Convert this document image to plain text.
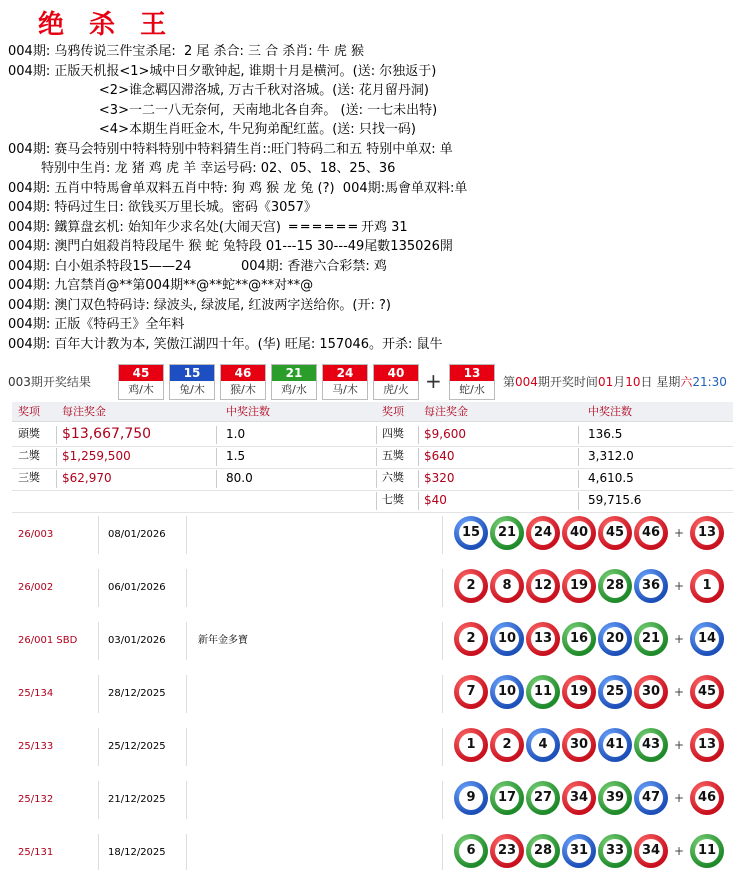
绝 杀 王
004期: 乌鸦传说三件宝杀尾:  2 尾 杀合: 三 合 杀肖: 牛 虎 猴
004期: 正版天机报<1>城中日夕歌钟起, 谁期十月是横河。(送: 尔独返于)
<2>谁念羁囚滞洛城, 万古千秋对洛城。(送: 花月留丹洞)
<3>一二一八无奈何,  天南地北各自奔。 (送: 一七未出特)
<4>本期生肖旺金木, 牛兄狗弟配红蓝。(送: 只找一码)
004期: 赛马会特别中特料特别中特料猜生肖::旺门特码二和五 特别中单双: 单
特别中生肖: 龙 猪 鸡 虎 羊 幸运号码: 02、05、18、25、36
004期: 五肖中特馬會单双料五肖中特: 狗 鸡 猴 龙 兔 (?)  004期:馬會单双料:单
004期: 特码过生日: 欲钱买万里长城。密码《3057》
004期: 鐵算盘玄机: 始知年少求名处(大闹天宫)  ═ ═ ═ ═ ═ ═ 开鸡 31
004期: 澳門白姐殺肖特段尾牛 猴 蛇 兔特段 01---15 30---49尾數135026開
004期: 白小姐杀特段15——24            004期: 香港六合彩禁: 鸡
004期: 九宫禁肖@**第004期**@**蛇**@**对**@
004期: 澳门双色特码诗: 绿波头, 绿波尾, 红波两字送给你。(开: ?)
004期: 正版《特码王》全年料
004期: 百年大计教为本, 笑傲江湖四十年。(华) 旺尾: 157046。开杀: 鼠牛
003期开奖结果
45
鸡/木
15
兔/木
46
猴/木
21
鸡/水
24
马/木
40
虎/火 +	13
蛇/水
第004期开奖时间01月10日 星期六21:30
奖项 每注奖金	中奖注数	奖项 每注奖金	中奖注数
頭獎 $13,667,750	1.0	四獎 $9,600	136.5
二獎 $1,259,500	1.5	五獎 $640	3,312.0
三獎 $62,970	80.0	六獎 $320	4,610.5
七獎 $40	59,715.6
26/003	08/01/2026	15 21 24 40 45 46 + 13
26/002	06/01/2026	2	8	12 19 28 36 +	1
26/001 SBD	03/01/2026	新年金多寶	2	10 13 16 20 21 + 14
25/134	28/12/2025	7	10 11 19 25 30 + 45
25/133	25/12/2025	1	2	4	30 41 43 + 13
25/132	21/12/2025	9	17 27 34 39 47 + 46
25/131	18/12/2025	6	23 28 31 33 34 + 11
